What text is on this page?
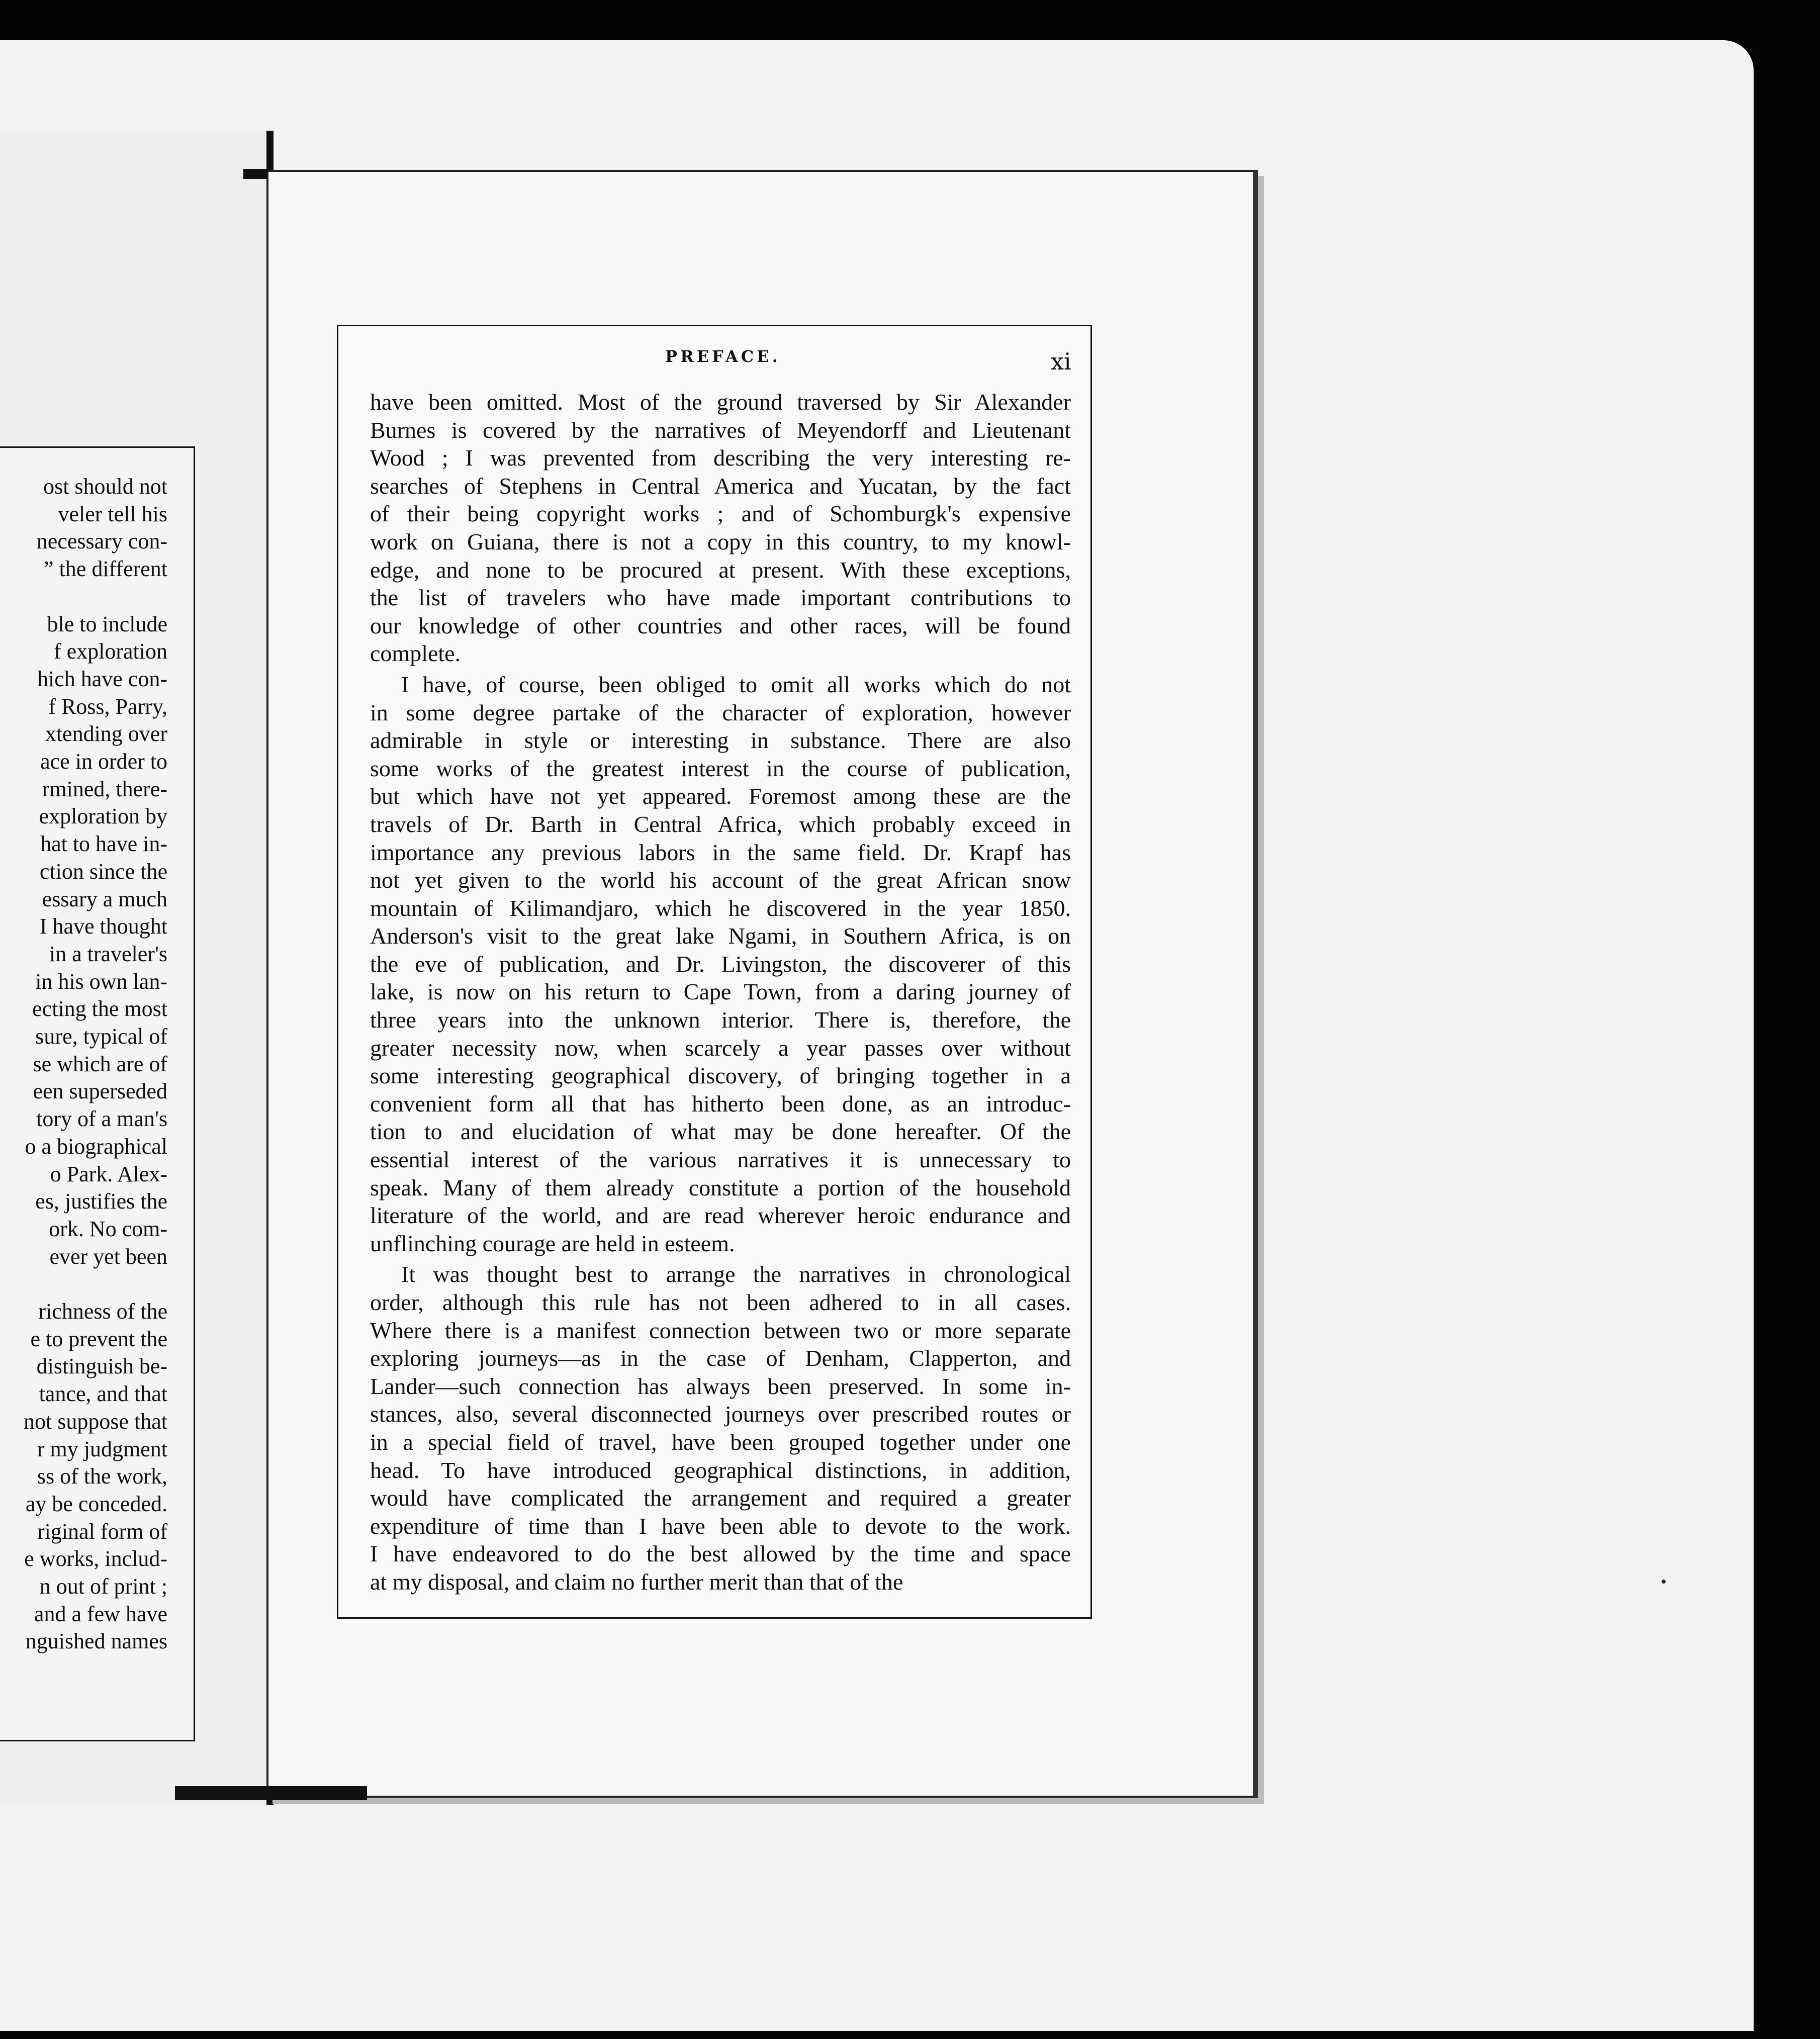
ost should not
veler tell his
necessary con-
” the different
ble to include
f exploration
hich have con-
f Ross, Parry,
xtending over
ace in order to
rmined, there-
exploration by
hat to have in-
ction since the
essary a much
I have thought
in a traveler's
in his own lan-
ecting the most
sure, typical of
se which are of
een superseded
tory of a man's
o a biographical
o Park. Alex-
es, justifies the
ork. No com-
ever yet been
richness of the
e to prevent the
distinguish be-
tance, and that
not suppose that
r my judgment
ss of the work,
ay be conceded.
riginal form of
e works, includ-
n out of print ;
and a few have
nguished names
PREFACE.	xi
have been omitted. Most of the ground traversed by Sir Alexander
Burnes is covered by the narratives of Meyendorff and Lieutenant
Wood ; I was prevented from describing the very interesting re-
searches of Stephens in Central America and Yucatan, by the fact
of their being copyright works ; and of Schomburgk's expensive
work on Guiana, there is not a copy in this country, to my knowl-
edge, and none to be procured at present. With these exceptions,
the list of travelers who have made important contributions to
our knowledge of other countries and other races, will be found
complete.
I have, of course, been obliged to omit all works which do not
in some degree partake of the character of exploration, however
admirable in style or interesting in substance. There are also
some works of the greatest interest in the course of publication,
but which have not yet appeared. Foremost among these are the
travels of Dr. Barth in Central Africa, which probably exceed in
importance any previous labors in the same field. Dr. Krapf has
not yet given to the world his account of the great African snow
mountain of Kilimandjaro, which he discovered in the year 1850.
Anderson's visit to the great lake Ngami, in Southern Africa, is on
the eve of publication, and Dr. Livingston, the discoverer of this
lake, is now on his return to Cape Town, from a daring journey of
three years into the unknown interior. There is, therefore, the
greater necessity now, when scarcely a year passes over without
some interesting geographical discovery, of bringing together in a
convenient form all that has hitherto been done, as an introduc-
tion to and elucidation of what may be done hereafter. Of the
essential interest of the various narratives it is unnecessary to
speak. Many of them already constitute a portion of the household
literature of the world, and are read wherever heroic endurance and
unflinching courage are held in esteem.
It was thought best to arrange the narratives in chronological
order, although this rule has not been adhered to in all cases.
Where there is a manifest connection between two or more separate
exploring journeys—as in the case of Denham, Clapperton, and
Lander—such connection has always been preserved. In some in-
stances, also, several disconnected journeys over prescribed routes or
in a special field of travel, have been grouped together under one
head. To have introduced geographical distinctions, in addition,
would have complicated the arrangement and required a greater
expenditure of time than I have been able to devote to the work.
I have endeavored to do the best allowed by the time and space
at my disposal, and claim no further merit than that of the
